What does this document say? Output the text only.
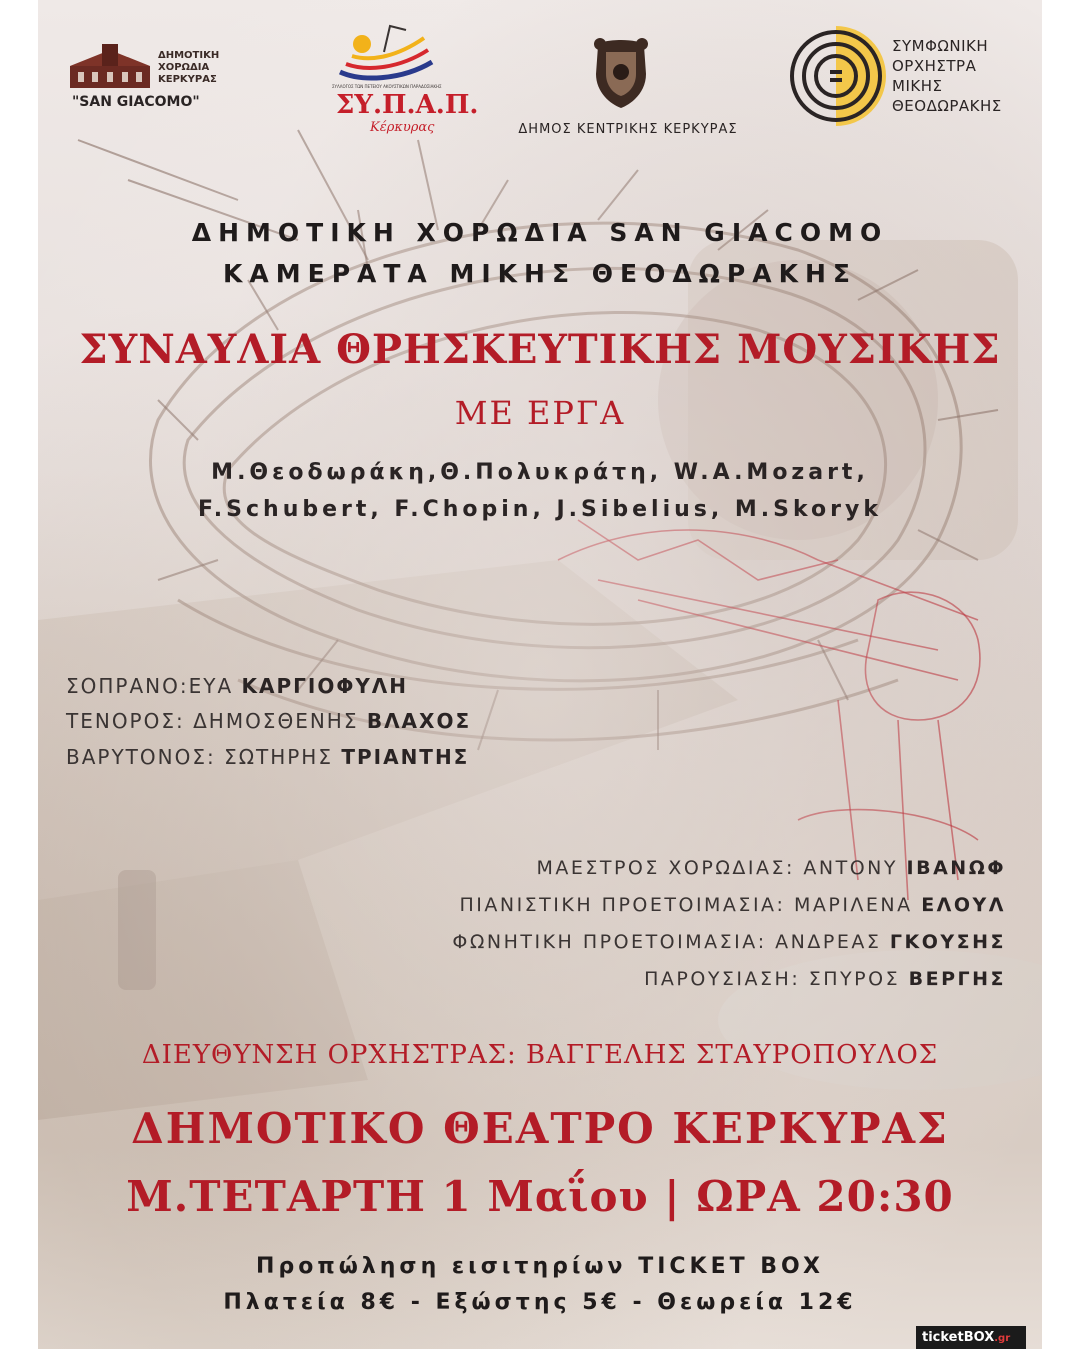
ΔΗΜΟΤΙΚΗ
ΧΟΡΩΔΙΑ
ΚΕΡΚΥΡΑΣ
"SAN GIACOMO"
ΣΥΛΛΟΓΟΣ ΤΩΝ ΠΕΤΕΙΟΥ ΑΚΟΥΣΤΙΚΩΝ ΠΑΡΑΔΟΣΙΑΚΗΣ
ΣΥ.Π.Α.Π.
Κέρκυρας	ΔΗΜΟΣ ΚΕΝΤΡΙΚΗΣ ΚΕΡΚΥΡΑΣ
ΣΥΜΦΩΝΙΚΗ
ΟΡΧΗΣΤΡΑ
ΜΙΚΗΣ
ΘΕΟΔΩΡΑΚΗΣ
ΔΗΜΟΤΙΚΗ ΧΟΡΩΔΙΑ SAN GIACOMO
ΚΑΜΕΡΑΤΑ ΜΙΚΗΣ ΘΕΟΔΩΡΑΚΗΣ
ΣΥΝΑΥΛΙΑ ΘΡΗΣΚΕΥΤΙΚΗΣ ΜΟΥΣΙΚΗΣ
ΜΕ ΕΡΓΑ
Μ.Θεοδωράκη,Θ.Πολυκράτη, W.A.Mozart,
F.Schubert, F.Chopin, J.Sibelius, M.Skoryk
ΣΟΠΡΑΝΟ:ΕΥΑ ΚΑΡΓΙΟΦΥΛΗ
ΤΕΝΟΡΟΣ: ΔΗΜΟΣΘΕΝΗΣ ΒΛΑΧΟΣ
ΒΑΡΥΤΟΝΟΣ: ΣΩΤΗΡΗΣ ΤΡΙΑΝΤΗΣ
ΜΑΕΣΤΡΟΣ ΧΟΡΩΔΙΑΣ: ΑΝΤΟΝΥ ΙΒΑΝΩΦ
ΠΙΑΝΙΣΤΙΚΗ ΠΡΟΕΤΟΙΜΑΣΙΑ: ΜΑΡΙΛΕΝΑ ΕΛΟΥΛ
ΦΩΝΗΤΙΚΗ ΠΡΟΕΤΟΙΜΑΣΙΑ: ΑΝΔΡΕΑΣ ΓΚΟΥΣΗΣ
ΠΑΡΟΥΣΙΑΣΗ: ΣΠΥΡΟΣ ΒΕΡΓΗΣ
ΔΙΕΥΘΥΝΣΗ ΟΡΧΗΣΤΡΑΣ: ΒΑΓΓΕΛΗΣ ΣΤΑΥΡΟΠΟΥΛΟΣ
ΔΗΜΟΤΙΚΟ ΘΕΑΤΡΟ ΚΕΡΚΥΡΑΣ
Μ.ΤΕΤΑΡΤΗ 1 Μαΐου | ΩΡΑ 20:30
Προπώληση εισιτηρίων TICKET BOX
Πλατεία 8€ - Εξώστης 5€ - Θεωρεία 12€
ticketBOX.gr
